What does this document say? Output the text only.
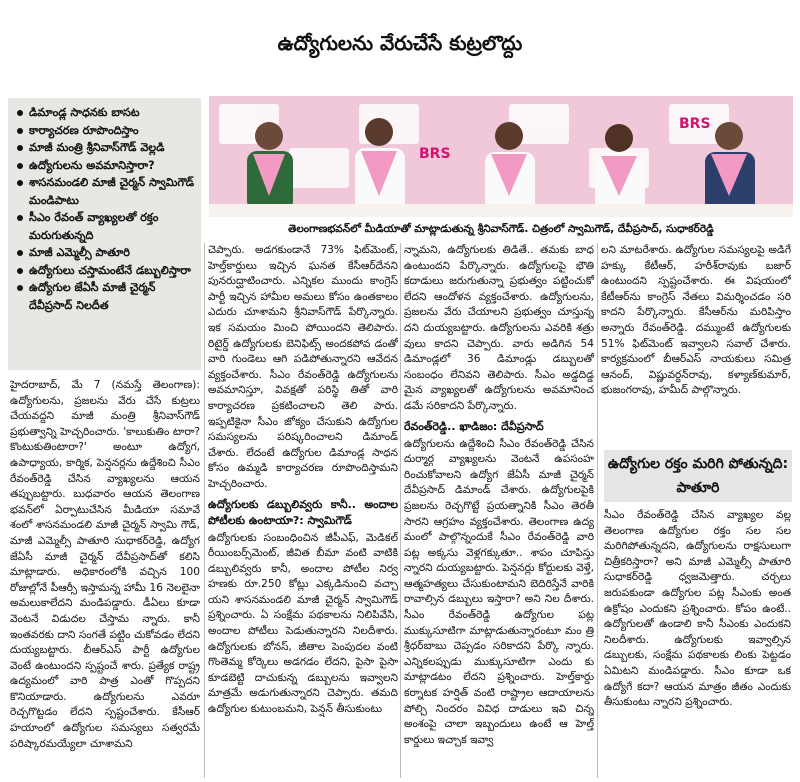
ఉద్యోగులను వేరుచేసే కుట్రలొద్దు
డిమాండ్ల సాధనకు బాసట
కార్యాచరణ రూపొందిస్తాం
మాజీ మంత్రి శ్రీనివాస్‌గౌడ్ వెల్లడి
ఉద్యోగులను అవమానిస్తారా?
శాసనమండలి మాజీ చైర్మన్ స్వామిగౌడ్ మండిపాటు
సీఎం రేవంత్ వ్యాఖ్యలతో రక్తం మరుగుతున్నది
మాజీ ఎమ్మెల్సీ పాతూరి
ఉద్యోగులు చస్తామంటేనే డబ్బులిస్తారా
ఉద్యోగుల జేఏసీ మాజీ చైర్మన్ దేవీప్రసాద్ నిలదీత
BRS
BRS
తెలంగాణభవన్‌లో మీడియాతో మాట్లాడుతున్న శ్రీనివాస్‌గౌడ్. చిత్రంలో స్వామిగౌడ్, దేవీప్రసాద్, సుధాకర్‌రెడ్డి

హైదరాబాద్, మే 7 (నమస్తే తెలంగాణ): ఉద్యోగులను, ప్రజలను వేరు చేసే కుట్రలు చేయవద్దని మాజీ మంత్రి శ్రీనివాస్‌గౌడ్ ప్రభుత్వాన్ని హెచ్చరించారు. 'కాలుకుతిం టారా? కొంటుకుతింటారా?' అంటూ ఉద్యోగ, ఉపాధ్యాయ, కార్మిక, పెన్షనర్లను ఉద్దేశించి సీఎం రేవంత్‌రెడ్డి చేసిన వ్యాఖ్యలను ఆయన తప్పుబట్టారు. బుధవారం ఆయన తెలంగాణ భవన్‌లో ఏర్పాటుచేసిన మీడియా సమావే శంలో శాసనమండలి మాజీ చైర్మన్ స్వామి గౌడ్, మాజీ ఎమ్మెల్సీ పాతూరి సుధాకర్‌రెడ్డి, ఉద్యోగ జేఏసీ మాజీ చైర్మన్ దేవీప్రసాద్‌తో కలిసి మాట్లాడారు. అధికారంలోకి వచ్చిన 100 రోజుల్లోనే పీఆర్సీ ఇస్తామన్న హామీ 16 నెలలైనా అమలుకాలేదని మండిపడ్డారు. డీఏలు కూడా వెంటనే విడుదల చేస్తామ న్నారు. కానీ ఇంతవరకు దాని సంగతే పట్టిం చుకోవడం లేదని దుయ్యబట్టారు. బీఆర్‌ఎస్ పార్టీ ఉద్యోగుల వెంటే ఉంటుందని స్పష్టంచే శారు. ప్రత్యేక రాష్ట్ర ఉద్యమంలో వారి పాత్ర ఎంతో గొప్పదని కొనియాడారు. ఉద్యోగులను ఎవరూ రెచ్చగొట్టడం లేదని స్పష్టంచేశారు. కేసీఆర్ హయాంలో ఉద్యోగుల సమస్యలు సత్వరమే పరిష్కారమయ్యేలా చూశామని

చెప్పారు. అడగకుండానే 73% ఫిట్‌మెంట్, హెల్త్‌కార్డులు ఇచ్చిన ఘనత కేసీఆర్‌దేనని పునరుద్ఘాటించారు. ఎన్నికల ముందు కాంగ్రెస్ పార్టీ ఇచ్చిన హామీల అమలు కోసం ఉంతకాలం ఎదురు చూశామని శ్రీనివాస్‌గౌడ్ పేర్కొన్నారు. ఇక సమయం మించి పోయిందని తెలిపారు. రిటైర్డ్ ఉద్యోగులకు బెనిఫిట్స్ అందకపోవ డంతో వారి గుండెలు ఆగి పడిపోతున్నారని ఆవేదన వ్యక్తంచేశారు. సీఎం రేవంత్‌రెడ్డి ఉద్యోగులను అవమానిస్తూ, వివక్షతో పరిస్థి తితో వారి కార్యాచరణ ప్రకటించాలని తెలి పారు. ఇప్పటికైనా సీఎం జోక్యం చేసుకుని ఉద్యోగుల సమస్యలను పరిష్కరించాలని డిమాండ్ చేశారు. లేదంటే ఉద్యోగుల డిమాండ్ల సాధన కోసం ఉమ్మడి కార్యాచరణ రూపొందిస్తామని హెచ్చరించారు.

ఉద్యోగులకు డబ్బులివ్వరు కానీ.. అందాల పోటీలకు ఉంటాయా?: స్వామిగౌడ్

ఉద్యోగులకు సంబంధించిన జీపీఎఫ్, మెడికల్ రీయింబర్స్‌మెంట్, జీవిత బీమా వంటి వాటికి డబ్బులివ్వరు కానీ, అందాల పోటీల నిర్వ హణకు రూ.250 కోట్లు ఎక్కడినుంచి వచ్చా యని శాసనమండలి మాజీ చైర్మన్ స్వామిగౌడ్ ప్రశ్నించారు. ఏ సంక్షేమ పథకాలను నిలిపివేసి, అందాల పోటీలు పెడుతున్నారని నిలదీశారు. ఉద్యోగులకు బోనస్, జీతాల పెంపుదల వంటి గొంతెమ్మ కోర్కెలు అడగడం లేదని, పైసా పైసా కూడబెట్టి దాచుకున్న డబ్బులను ఇవ్వాలని మాత్రమే అడుగుతున్నారని చెప్పారు. తమది ఉద్యోగుల కుటుంబమని, పెన్షన్ తీసుకుంటు

న్నామని, ఉద్యోగులకు తిడితే.. తమకు బాధ ఉంటుందని పేర్కొన్నారు. ఉద్యోగులపై భౌతి కదాడులు జరుగుతున్నా ప్రభుత్వం పట్టించుకో లేదని ఆందోళన వ్యక్తంచేశారు. ఉద్యోగులను, ప్రజలను వేరు చేయాలని ప్రభుత్వం చూస్తున్న దని దుయ్యబట్టారు. ఉద్యోగులను ఎవరికి శత్రు వులు కాదని చెప్పారు. వారు అడిగిన 54 డిమాండ్లలో 36 డిమాండ్లు డబ్బులతో సంబంధం లేనివని తెలిపారు. సీఎం అడ్డదిడ్డ మైన వ్యాఖ్యలతో ఉద్యోగులను అవమానించ డమే సరికాదని పేర్కొన్నారు.

రేవంత్‌రెడ్డి.. ఖాడిజం: దేవీప్రసాద్

ఉద్యోగులను ఉద్దేశించి సీఎం రేవంత్‌రెడ్డి చేసిన దుర్మార్గ వ్యాఖ్యలను వెంటనే ఉపసంహ రించుకోవాలని ఉద్యోగ జేఏసీ మాజీ చైర్మన్ దేవీప్రసాద్ డిమాండ్ చేశారు. ఉద్యోగులపైకి ప్రజలను రెచ్చగొట్టే ప్రయత్నానికి సీఎం తెరతీ సారని ఆగ్రహం వ్యక్తంచేశారు. తెలంగాణ ఉద్య మంలో పాల్గొన్నందుకే సీఎం రేవంత్‌రెడ్డి వారి పట్ల అక్కసు వెళ్లగక్కుతూ.. శాపం చూపిస్తు న్నారని దుయ్యబట్టారు. పెన్షనర్లు కోర్టులకు వెళ్తే, ఆత్మహత్యలు చేసుకుంటామని బెదిరిస్తేనే వారికి రావాల్సిన డబ్బులు ఇస్తారా? అని నిల దీశారు. సీఎం రేవంత్‌రెడ్డి ఉద్యోగుల పట్ల ముక్కుసూటిగా మాట్లాడుతున్నారంటూ మం త్రి శ్రీధర్‌బాబు చెప్పడం సరికాదని పేర్కొ న్నారు. ఎన్నికలప్పుడు ముక్కుసూటిగా ఎందు కు మాట్లాడటం లేదని ప్రశ్నించారు. హెల్త్‌కార్డు కర్నాటక హర్షిత్ వంటి రాష్ట్రాల ఆదాయాలను పోల్చి నిందరం వివిధ దాడులు ఇవి చిన్న అంశంపై చాలా ఇబ్బందులు ఉంటే ఆ హెల్త్ కార్డులు ఇచ్చాక ఇవ్వా

లని మాటరేశారు. ఉద్యోగుల సమస్యలపై అడిగే హక్కు కేటీఆర్, హరీశ్‌రావుకు బజార్ ఉంటుందని స్పష్టంచేశారు. ఈ విషయంలో కేటీఆర్‌ను కాంగ్రెస్ నేతలు విమర్శించడం సరి కాదని పేర్కొన్నారు. కేసీఆర్‌ను మరిపిస్తాం అన్నారు రేవంత్‌రెడ్డి. దమ్ముంటే ఉద్యోగులకు 51% ఫిట్‌మెంట్ ఇవ్వాలని సవాల్ చేశారు. కార్యక్రమంలో బీఆర్‌ఎస్ నాయకులు సమిత్ర ఆనంద్, విష్ణువర్ధన్‌రావు, కళ్యాణ్‌కుమార్, భుజంగరావు, హమీద్ పాల్గొన్నారు.

ఉద్యోగుల రక్తం మరిగి పోతున్నది: పాతూరి

సీఎం రేవంత్‌రెడ్డి చేసిన వ్యాఖ్యల వల్ల తెలంగాణ ఉద్యోగుల రక్తం సల సల మరిగిపోతున్నదని, ఉద్యోగులను రాక్షసులుగా చిత్రీకరిస్తారా? అని మాజీ ఎమ్మెల్సీ పాతూరి సుధాకర్‌రెడ్డి ధ్వజమెత్తారు. చర్చలు జరుపకుండా ఉద్యోగుల పట్ల సీఎంకు అంత ఉక్రోషం ఎందుకని ప్రశ్నించారు. కోపం ఉంటే.. ఉద్యోగులతో ఉండాలి కానీ సీఎంకు ఎందుకని నిలదీశారు. ఉద్యోగులకు ఇవ్వాల్సిన డబ్బులకు, సంక్షేమ పథకాలకు లింకు పెట్టడం ఏమిటని మండిపడ్డారు. సీఎం కూడా ఒక ఉద్యోగే కదా? ఆయన మాత్రం జీతం ఎందుకు తీసుకుంటు న్నారని ప్రశ్నించారు.
